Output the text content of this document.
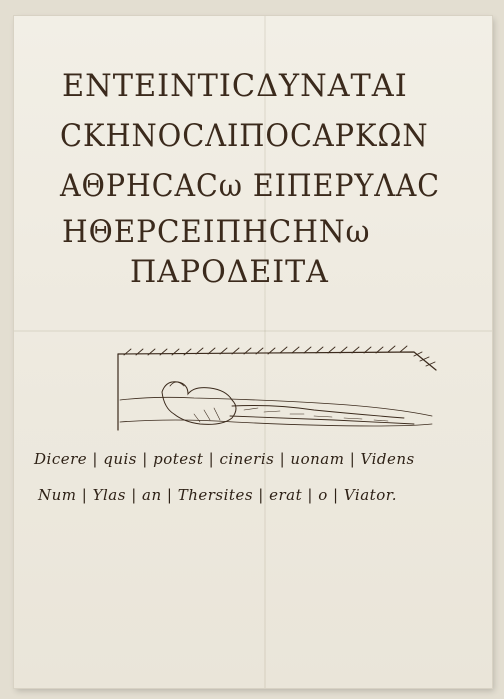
ΕΝΤΕΙΝΤΙCΔΥΝΑΤΑΙ
CΚΗΝΟCΛΙΠΟCΑΡΚΩΝ
ΑΘΡΗCΑCω ΕΙΠΕΡΥΛΑC
ΗΘΕΡCΕΙΠΗCΗΝω
ΠΑΡΟΔΕΙΤΑ
Dicere | quis | potest | cineris | uonam | Videns
Num | Ylas | an | Thersites | erat | o | Viator.
